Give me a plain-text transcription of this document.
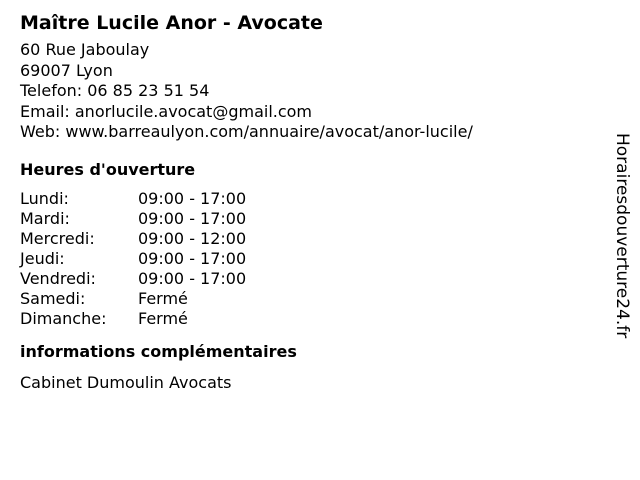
Maître Lucile Anor - Avocate
60 Rue Jaboulay
69007 Lyon
Telefon: 06 85 23 51 54
Email: anorlucile.avocat@gmail.com
Web: www.barreaulyon.com/annuaire/avocat/anor-lucile/
Heures d'ouverture
Lundi:	09:00 - 17:00
Mardi:	09:00 - 17:00
Mercredi:	09:00 - 12:00
Jeudi:	09:00 - 17:00
Vendredi:	09:00 - 17:00
Samedi:	Fermé
Dimanche:	Fermé
informations complémentaires
Cabinet Dumoulin Avocats
Horairesdouverture24.fr
